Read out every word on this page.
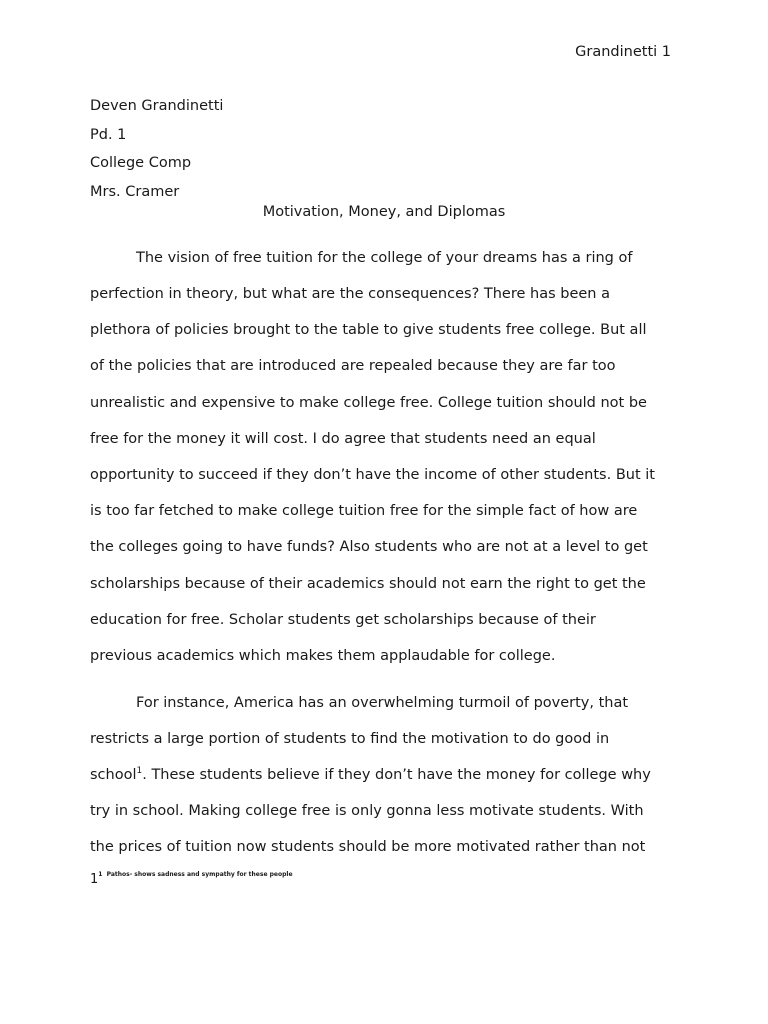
Grandinetti 1
Deven Grandinetti
Pd. 1
College Comp
Mrs. Cramer
Motivation, Money, and Diplomas
The vision of free tuition for the college of your dreams has a ring of
perfection in theory, but what are the consequences? There has been a
plethora of policies brought to the table to give students free college. But all
of the policies that are introduced are repealed because they are far too
unrealistic and expensive to make college free. College tuition should not be
free for the money it will cost. I do agree that students need an equal
opportunity to succeed if they don’t have the income of other students. But it
is too far fetched to make college tuition free for the simple fact of how are
the colleges going to have funds? Also students who are not at a level to get
scholarships because of their academics should not earn the right to get the
education for free. Scholar students get scholarships because of their
previous academics which makes them applaudable for college.
For instance, America has an overwhelming turmoil of poverty, that
restricts a large portion of students to find the motivation to do good in
school$^1$. These students believe if they don’t have the money for college why
try in school. Making college free is only gonna less motivate students. With
the prices of tuition now students should be more motivated rather than not
1$^1$ $^{Pathos- shows sadness and sympathy for these people}$
